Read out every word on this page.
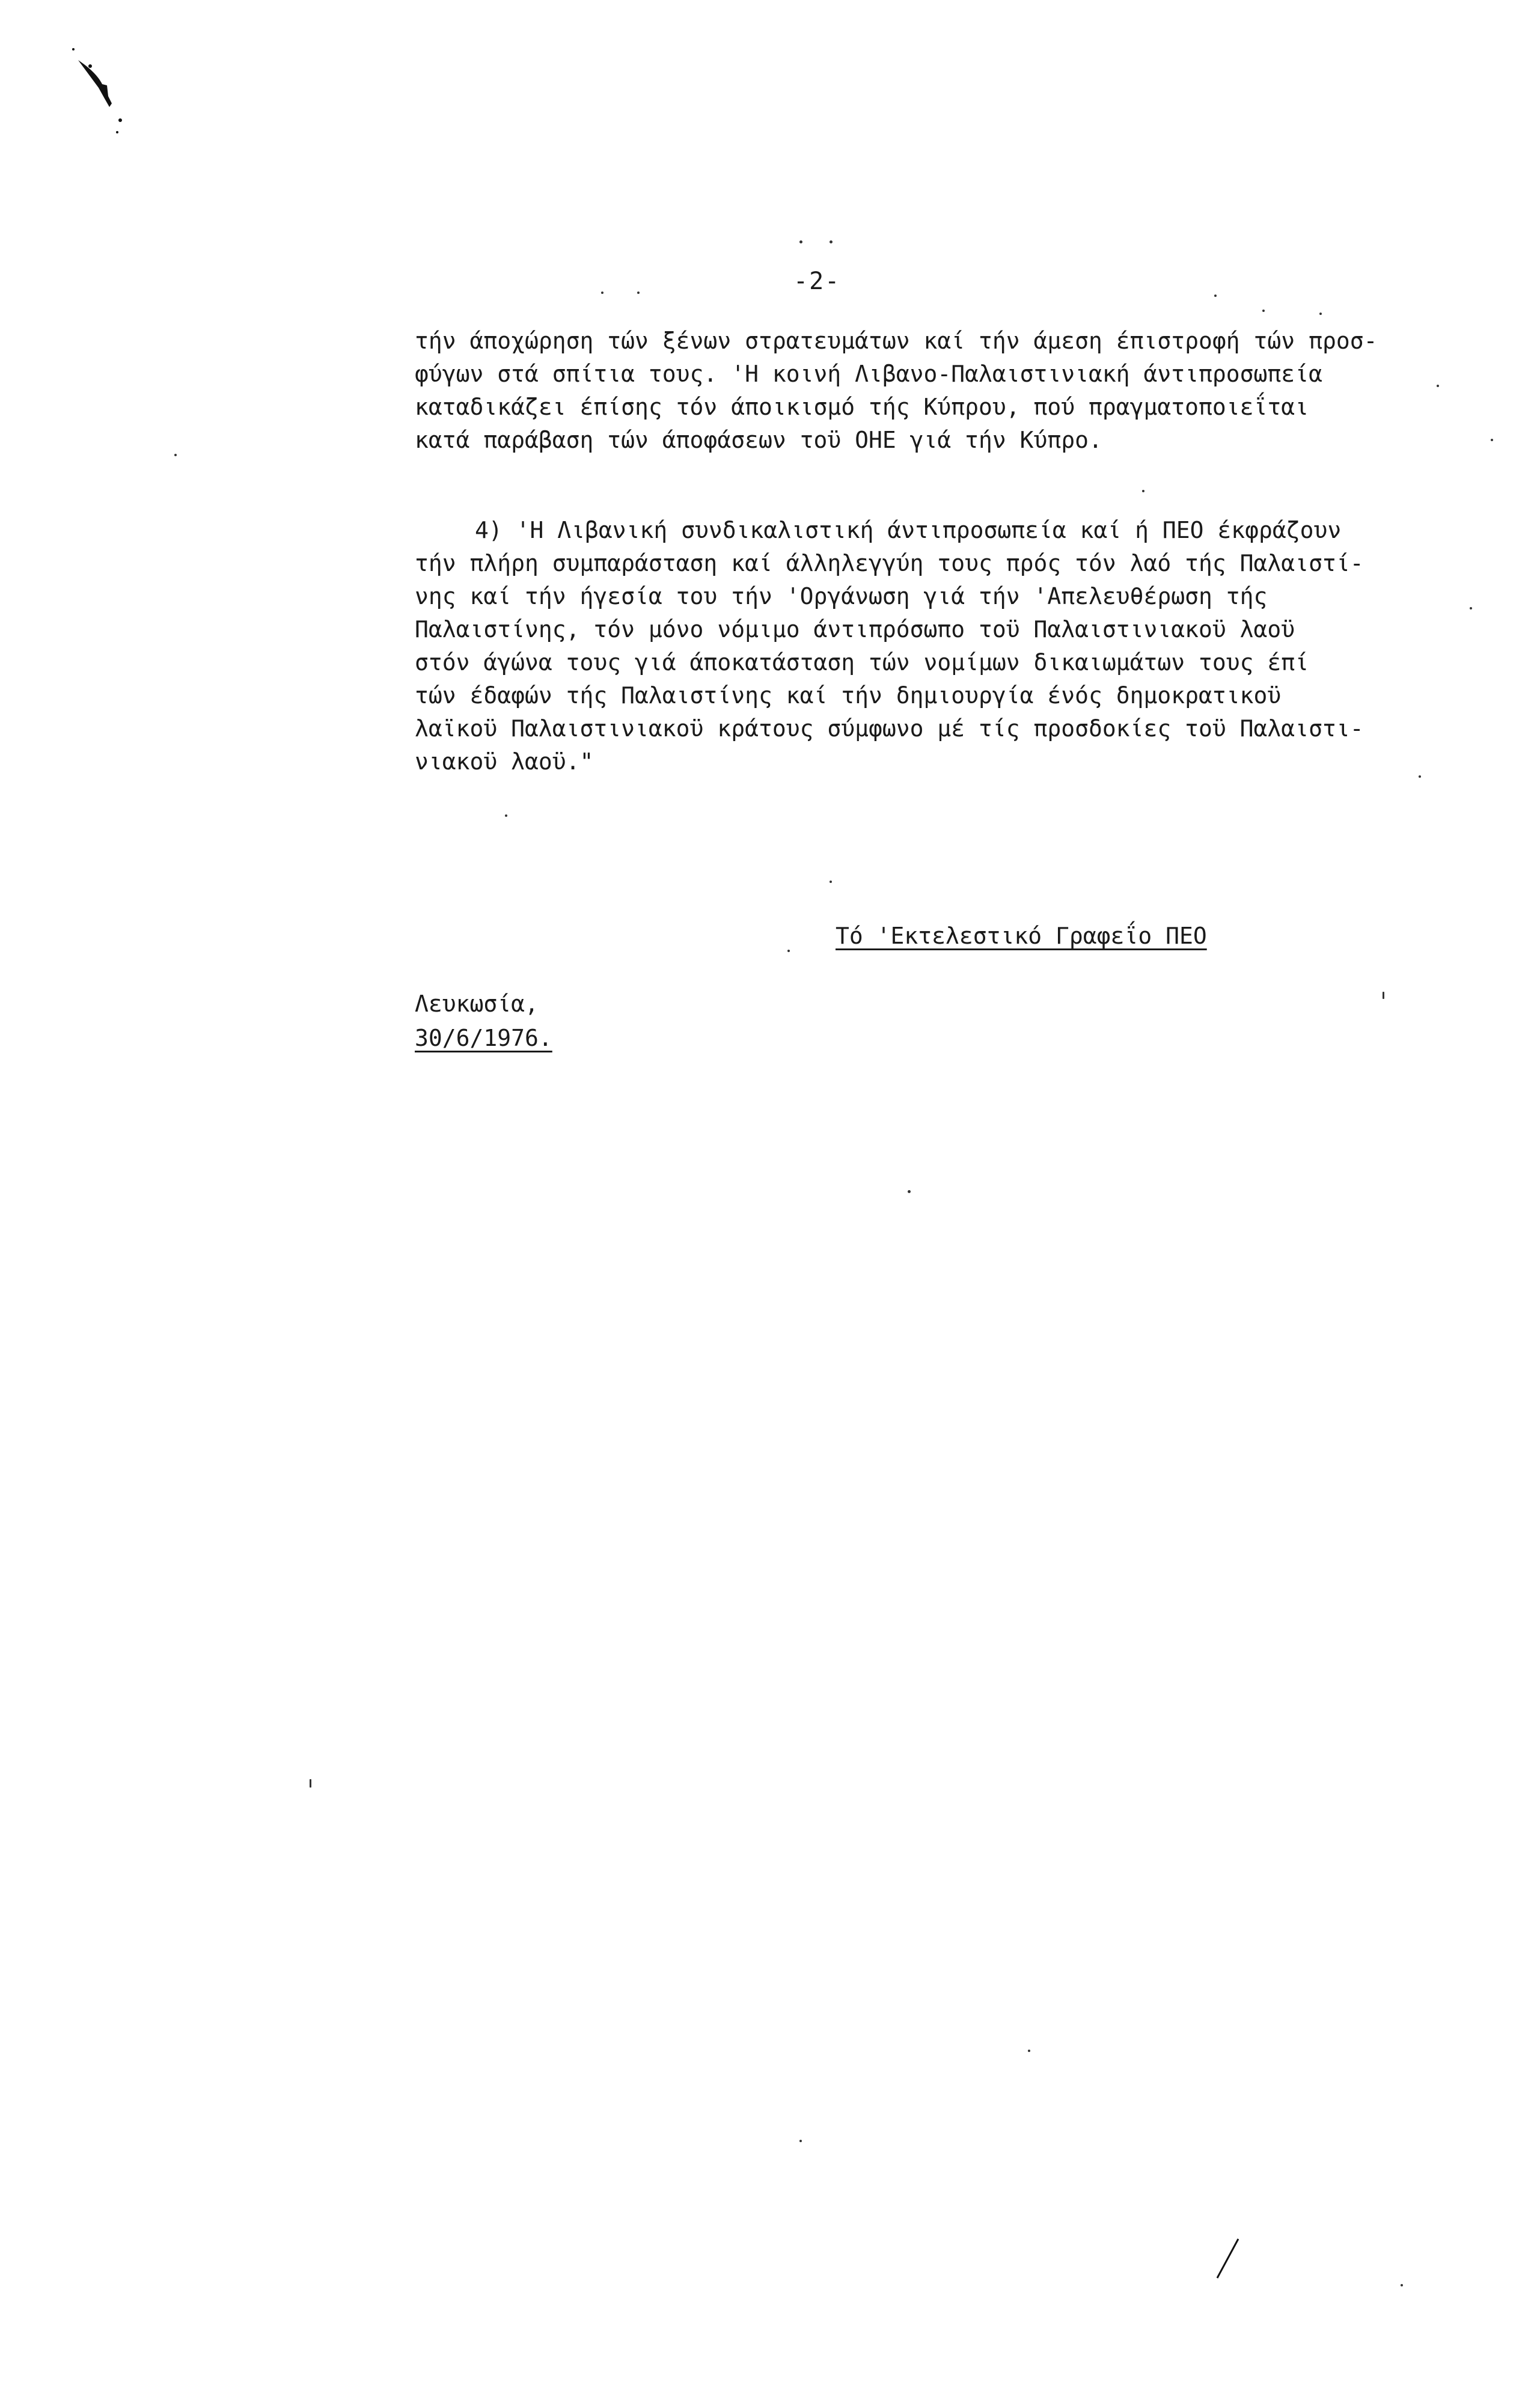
-2-
τήν άποχώρηση τών ξένων στρατευμάτων καί τήν άμεση έπιστροφή τών προσ-
φύγων στά σπίτια τους. 'Η κοινή Λιβανο-Παλαιστινιακή άντιπροσωπεία
καταδικάζει έπίσης τόν άποικισμό τής Κύπρου, πού πραγματοποιεΐται
κατά παράβαση τών άποφάσεων τοϋ ΟΗΕ γιά τήν Κύπρο.
4) 'Η Λιβανική συνδικαλιστική άντιπροσωπεία καί ή ΠΕΟ έκφράζουν
τήν πλήρη συμπαράσταση καί άλληλεγγύη τους πρός τόν λαό τής Παλαιστί-
νης καί τήν ήγεσία του τήν 'Οργάνωση γιά τήν 'Απελευθέρωση τής
Παλαιστίνης, τόν μόνο νόμιμο άντιπρόσωπο τοϋ Παλαιστινιακοϋ λαοϋ
στόν άγώνα τους γιά άποκατάσταση τών νομίμων δικαιωμάτων τους έπί
τών έδαφών τής Παλαιστίνης καί τήν δημιουργία ένός δημοκρατικοϋ
λαϊκοϋ Παλαιστινιακοϋ κράτους σύμφωνο μέ τίς προσδοκίες τοϋ Παλαιστι-
νιακοϋ λαοϋ."
Τό 'Εκτελεστικό Γραφεΐο ΠΕΟ
Λευκωσία,
30/6/1976.
